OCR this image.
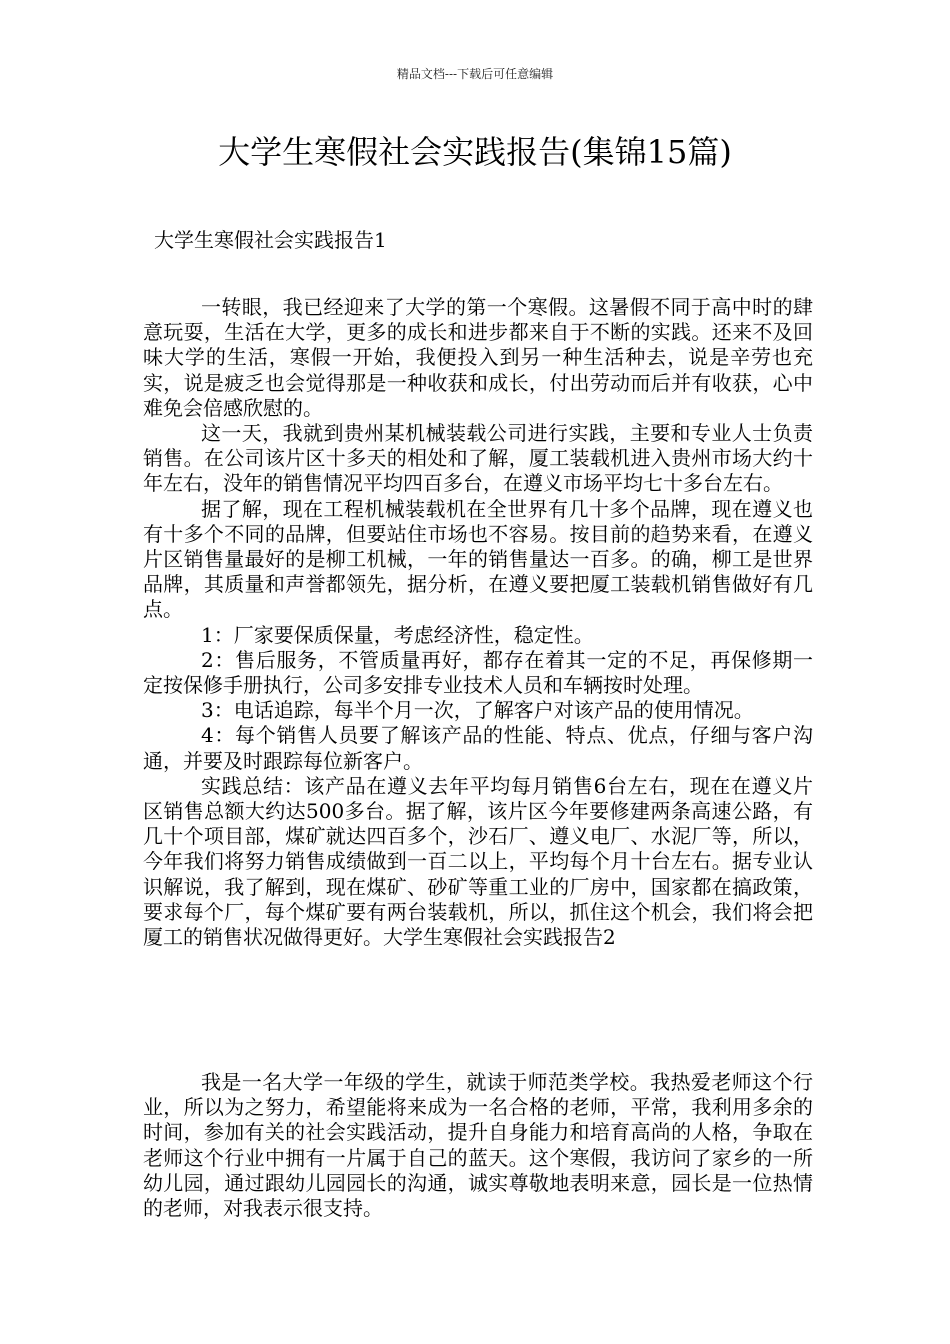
精品文档---下载后可任意编辑
大学生寒假社会实践报告(集锦15篇)
大学生寒假社会实践报告1

一转眼，我已经迎来了大学的第一个寒假。这暑假不同于高中时的肆意玩耍，生活在大学，更多的成长和进步都来自于不断的实践。还来不及回味大学的生活，寒假一开始，我便投入到另一种生活种去，说是辛劳也充实，说是疲乏也会觉得那是一种收获和成长，付出劳动而后并有收获，心中难免会倍感欣慰的。

这一天，我就到贵州某机械装载公司进行实践，主要和专业人士负责销售。在公司该片区十多天的相处和了解，厦工装载机进入贵州市场大约十年左右，没年的销售情况平均四百多台，在遵义市场平均七十多台左右。

据了解，现在工程机械装载机在全世界有几十多个品牌，现在遵义也有十多个不同的品牌，但要站住市场也不容易。按目前的趋势来看，在遵义片区销售量最好的是柳工机械，一年的销售量达一百多。的确，柳工是世界品牌，其质量和声誉都领先，据分析，在遵义要把厦工装载机销售做好有几点。

1：厂家要保质保量，考虑经济性，稳定性。

2：售后服务，不管质量再好，都存在着其一定的不足，再保修期一定按保修手册执行，公司多安排专业技术人员和车辆按时处理。

3：电话追踪，每半个月一次，了解客户对该产品的使用情况。

4：每个销售人员要了解该产品的性能、特点、优点，仔细与客户沟通，并要及时跟踪每位新客户。

实践总结：该产品在遵义去年平均每月销售6台左右，现在在遵义片区销售总额大约达500多台。据了解，该片区今年要修建两条高速公路，有几十个项目部，煤矿就达四百多个，沙石厂、遵义电厂、水泥厂等，所以，今年我们将努力销售成绩做到一百二以上，平均每个月十台左右。据专业认识解说，我了解到，现在煤矿、砂矿等重工业的厂房中，国家都在搞政策，要求每个厂，每个煤矿要有两台装载机，所以，抓住这个机会，我们将会把厦工的销售状况做得更好。大学生寒假社会实践报告2

我是一名大学一年级的学生，就读于师范类学校。我热爱老师这个行业，所以为之努力，希望能将来成为一名合格的老师，平常，我利用多余的时间，参加有关的社会实践活动，提升自身能力和培育高尚的人格，争取在老师这个行业中拥有一片属于自己的蓝天。这个寒假，我访问了家乡的一所幼儿园，通过跟幼儿园园长的沟通，诚实尊敬地表明来意，园长是一位热情的老师，对我表示很支持。
